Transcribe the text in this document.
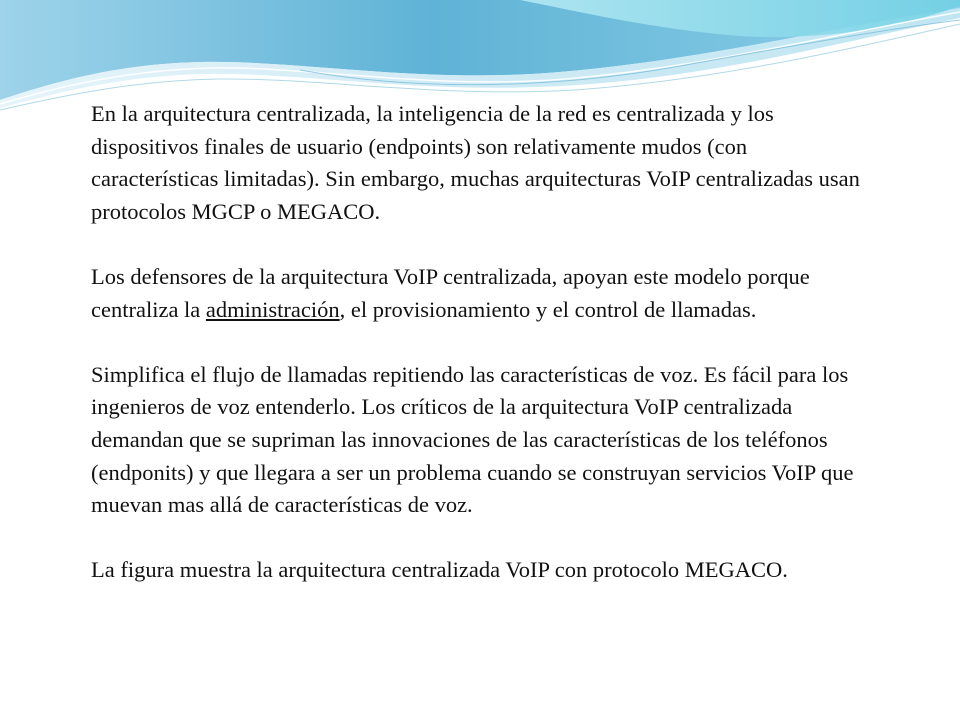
En la arquitectura centralizada, la inteligencia de la red es centralizada y los dispositivos finales de usuario (endpoints) son relativamente mudos (con características limitadas). Sin embargo, muchas arquitecturas VoIP centralizadas usan protocolos MGCP o MEGACO.

Los defensores de la arquitectura VoIP centralizada, apoyan este modelo porque centraliza la administración, el provisionamiento y el control de llamadas.

Simplifica el flujo de llamadas repitiendo las características de voz. Es fácil para los ingenieros de voz entenderlo. Los críticos de la arquitectura VoIP centralizada demandan que se supriman las innovaciones de las características de los teléfonos (endponits) y que llegara a ser un problema cuando se construyan servicios VoIP que muevan mas allá de características de voz.

La figura muestra la arquitectura centralizada VoIP con protocolo MEGACO.
